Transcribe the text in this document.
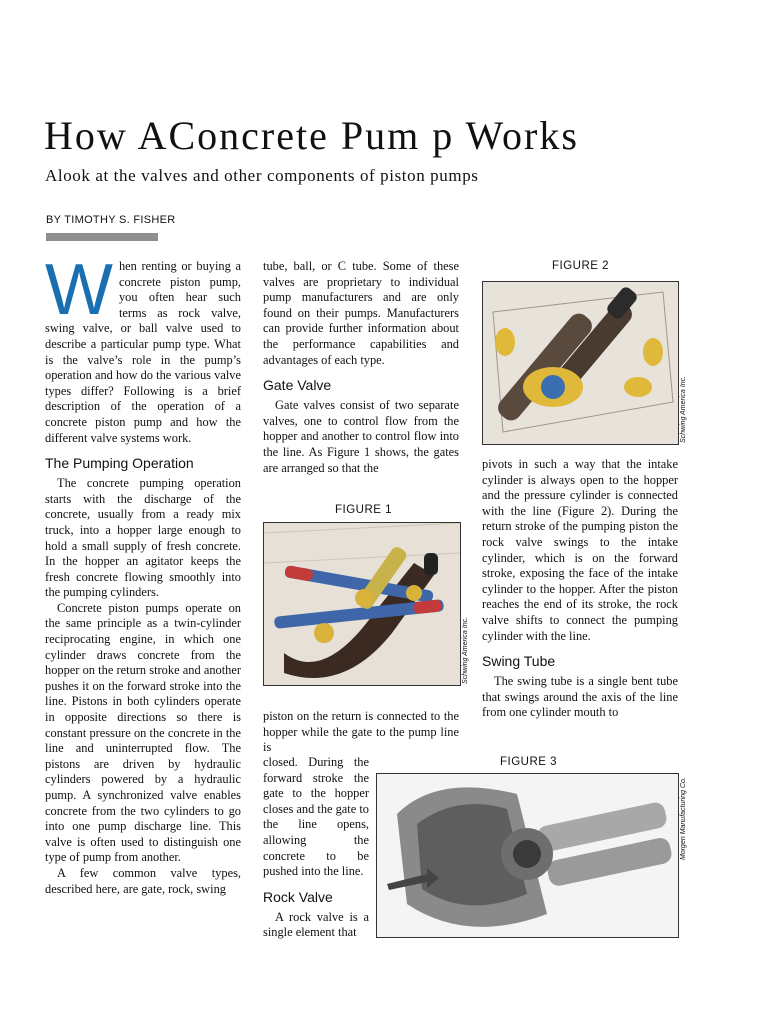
How AConcrete Pum p Works

Alook at the valves and other components of piston pumps

BY TIMOTHY S. FISHER
W hen renting or buying a concrete piston pump, you often hear such terms as rock valve, swing valve, or ball valve used to describe a particular pump type. What is the valve’s role in the pump’s operation and how do the various valve types differ? Following is a brief description of the operation of a concrete piston pump and how the different valve systems work.

The Pumping Operation

The concrete pumping operation starts with the discharge of the concrete, usually from a ready mix truck, into a hopper large enough to hold a small supply of fresh concrete. In the hopper an agitator keeps the fresh concrete flowing smoothly into the pumping cylinders.

Concrete piston pumps operate on the same principle as a twin-cylinder reciprocating engine, in which one cylinder draws concrete from the hopper on the return stroke and another pushes it on the forward stroke into the line. Pistons in both cylinders operate in opposite directions so there is constant pressure on the concrete in the line and uninterrupted flow. The pistons are driven by hydraulic cylinders powered by a hydraulic pump. A synchronized valve enables concrete from the two cylinders to go into one pump discharge line. This valve is often used to distinguish one type of pump from another.

A few common valve types, described here, are gate, rock, swing

tube, ball, or C tube. Some of these valves are proprietary to individual pump manufacturers and are only found on their pumps. Manufacturers can provide further information about the performance capabilities and advantages of each type.

Gate Valve

Gate valves consist of two separate valves, one to control flow from the hopper and another to control flow into the line. As Figure 1 shows, the gates are arranged so that the

FIGURE 1
Schwing America Inc.

piston on the return is connected to the hopper while the gate to the pump line is

closed. During the forward stroke the gate to the hopper closes and the gate to the line opens, allowing the concrete to be pushed into the line.

Rock Valve

A rock valve is a single element that

FIGURE 2
Schwing America Inc.

pivots in such a way that the intake cylinder is always open to the hopper and the pressure cylinder is connected with the line (Figure 2). During the return stroke of the pumping piston the rock valve swings to the intake cylinder, which is on the forward stroke, exposing the face of the intake cylinder to the hopper. After the piston reaches the end of its stroke, the rock valve shifts to connect the pumping cylinder with the line.

Swing Tube

The swing tube is a single bent tube that swings around the axis of the line from one cylinder mouth to

FIGURE 3
Morgen Manufacturing Co.
